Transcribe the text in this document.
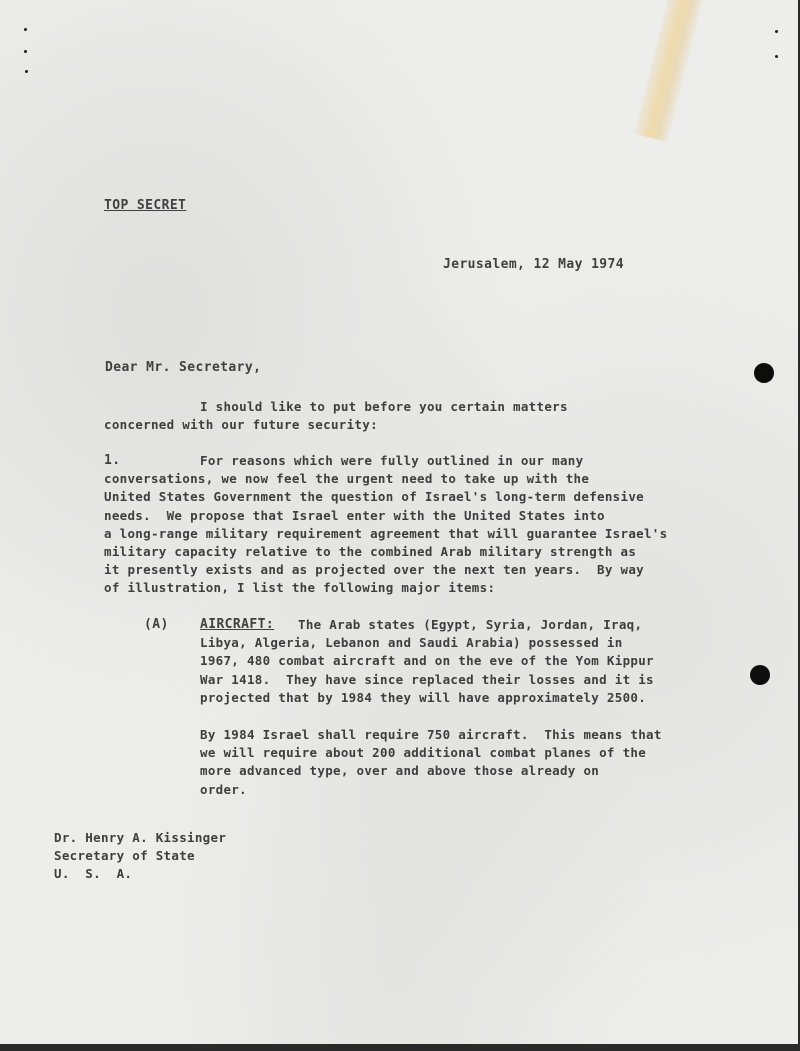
TOP SECRET
Jerusalem, 12 May 1974
Dear Mr. Secretary,
I should like to put before you certain matters
concerned with our future security:
1.	For reasons which were fully outlined in our many
conversations, we now feel the urgent need to take up with the
United States Government the question of Israel's long-term defensive
needs.  We propose that Israel enter with the United States into
a long-range military requirement agreement that will guarantee Israel's
military capacity relative to the combined Arab military strength as
it presently exists and as projected over the next ten years.  By way
of illustration, I list the following major items:
(A) AIRCRAFT:	The Arab states (Egypt, Syria, Jordan, Iraq,
Libya, Algeria, Lebanon and Saudi Arabia) possessed in
1967, 480 combat aircraft and on the eve of the Yom Kippur
War 1418.  They have since replaced their losses and it is
projected that by 1984 they will have approximately 2500.
By 1984 Israel shall require 750 aircraft.  This means that
we will require about 200 additional combat planes of the
more advanced type, over and above those already on
order.
Dr. Henry A. Kissinger
Secretary of State
U.  S.  A.
